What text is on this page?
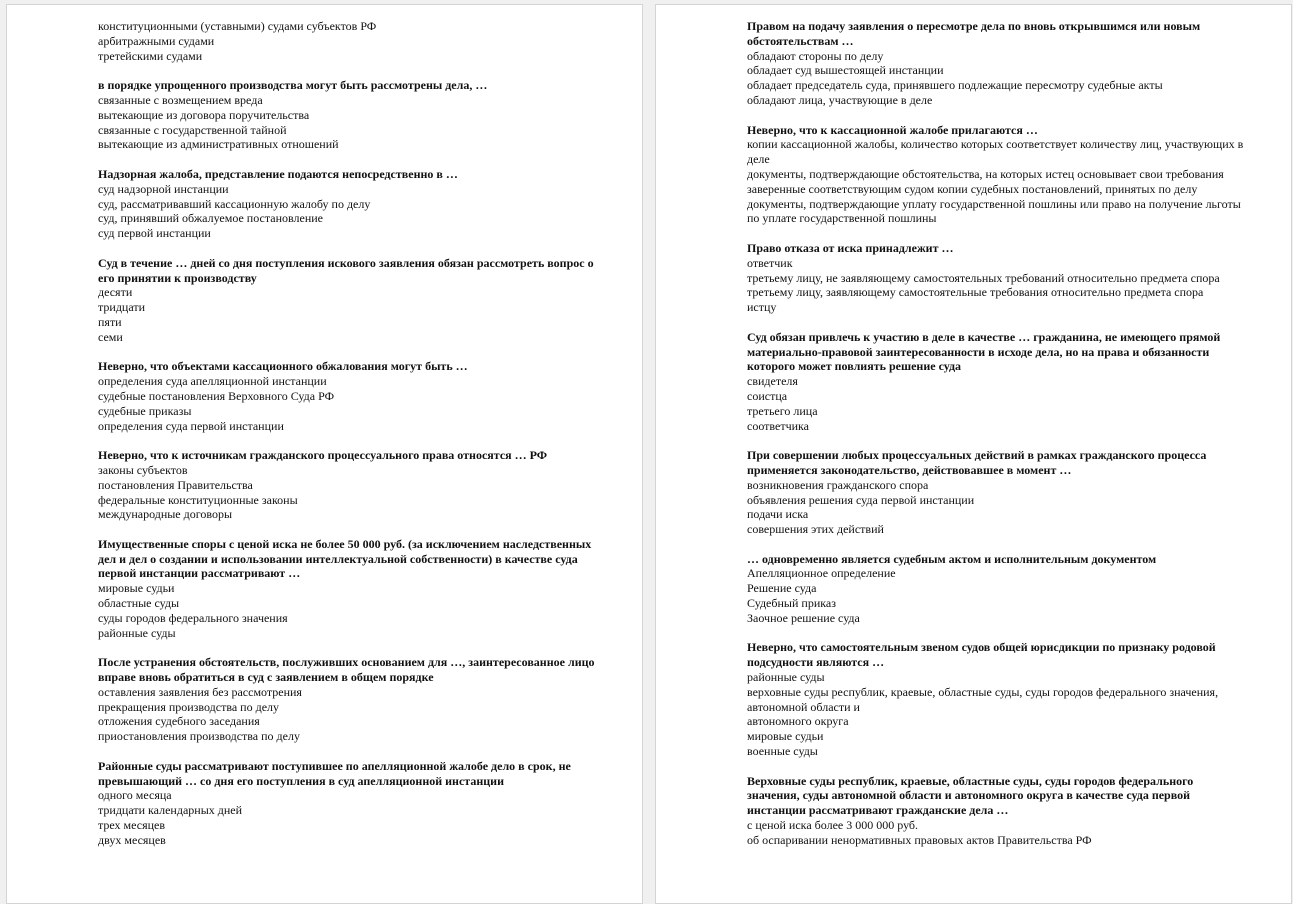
конституционными (уставными) судами субъектов РФ
арбитражными судами
третейскими судами
в порядке упрощенного производства могут быть рассмотрены дела, …
связанные с возмещением вреда
вытекающие из договора поручительства
связанные с государственной тайной
вытекающие из административных отношений
Надзорная жалоба, представление подаются непосредственно в …
суд надзорной инстанции
суд, рассматривавший кассационную жалобу по делу
суд, принявший обжалуемое постановление
суд первой инстанции
Суд в течение … дней со дня поступления искового заявления обязан рассмотреть вопрос о его принятии к производству
десяти
тридцати
пяти
семи
Неверно, что объектами кассационного обжалования могут быть …
определения суда апелляционной инстанции
судебные постановления Верховного Суда РФ
судебные приказы
определения суда первой инстанции
Неверно, что к источникам гражданского процессуального права относятся … РФ
законы субъектов
постановления Правительства
федеральные конституционные законы
международные договоры
Имущественные споры с ценой иска не более 50 000 руб. (за исключением наследственных дел и дел о создании и использовании интеллектуальной собственности) в качестве суда первой инстанции рассматривают …
мировые судьи
областные суды
суды городов федерального значения
районные суды
После устранения обстоятельств, послуживших основанием для …, заинтересованное лицо вправе вновь обратиться в суд с заявлением в общем порядке
оставления заявления без рассмотрения
прекращения производства по делу
отложения судебного заседания
приостановления производства по делу
Районные суды рассматривают поступившее по апелляционной жалобе дело в срок, не превышающий … со дня его поступления в суд апелляционной инстанции
одного месяца
тридцати календарных дней
трех месяцев
двух месяцев
Правом на подачу заявления о пересмотре дела по вновь открывшимся или новым обстоятельствам …
обладают стороны по делу
обладает суд вышестоящей инстанции
обладает председатель суда, принявшего подлежащие пересмотру судебные акты
обладают лица, участвующие в деле
Неверно, что к кассационной жалобе прилагаются …
копии кассационной жалобы, количество которых соответствует количеству лиц, участвующих в деле
документы, подтверждающие обстоятельства, на которых истец основывает свои требования
заверенные соответствующим судом копии судебных постановлений, принятых по делу
документы, подтверждающие уплату государственной пошлины или право на получение льготы по уплате государственной пошлины
Право отказа от иска принадлежит …
ответчик
третьему лицу, не заявляющему самостоятельных требований относительно предмета спора
третьему лицу, заявляющему самостоятельные требования относительно предмета спора
истцу
Суд обязан привлечь к участию в деле в качестве … гражданина, не имеющего прямой материально-правовой заинтересованности в исходе дела, но на права и обязанности которого может повлиять решение суда
свидетеля
соистца
третьего лица
соответчика
При совершении любых процессуальных действий в рамках гражданского процесса применяется законодательство, действовавшее в момент …
возникновения гражданского спора
объявления решения суда первой инстанции
подачи иска
совершения этих действий
… одновременно является судебным актом и исполнительным документом
Апелляционное определение
Решение суда
Судебный приказ
Заочное решение суда
Неверно, что самостоятельным звеном судов общей юрисдикции по признаку родовой подсудности являются …
районные суды
верховные суды республик, краевые, областные суды, суды городов федерального значения, автономной области и
автономного округа
мировые судьи
военные суды
Верховные суды республик, краевые, областные суды, суды городов федерального значения, суды автономной области и автономного округа в качестве суда первой инстанции рассматривают гражданские дела …
с ценой иска более 3 000 000 руб.
об оспаривании ненормативных правовых актов Правительства РФ
